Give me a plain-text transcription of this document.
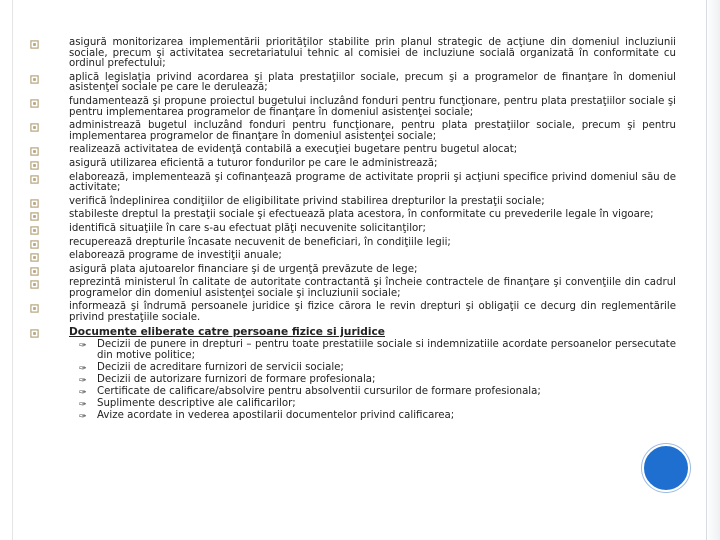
asigură monitorizarea implementării priorităţilor stabilite prin planul strategic de acţiune din domeniul incluziunii sociale, precum şi activitatea secretariatului tehnic al comisiei de incluziune socială organizată în conformitate cu ordinul prefectului;
aplică legislaţia privind acordarea şi plata prestaţiilor sociale, precum şi a programelor de finanţare în domeniul asistenţei sociale pe care le derulează;
fundamentează şi propune proiectul bugetului incluzând fonduri pentru funcţionare, pentru plata prestaţiilor sociale şi pentru implementarea programelor de finanţare în domeniul asistenţei sociale;
administrează bugetul incluzând fonduri pentru funcţionare, pentru plata prestaţiilor sociale, precum şi pentru implementarea programelor de finanţare în domeniul asistenţei sociale;
realizează activitatea de evidenţă contabilă a execuţiei bugetare pentru bugetul alocat;
asigură utilizarea eficientă a tuturor fondurilor pe care le administrează;
elaborează, implementează şi cofinanţează programe de activitate proprii şi acţiuni specifice privind domeniul său de activitate;
verifică îndeplinirea condiţiilor de eligibilitate privind stabilirea drepturilor la prestaţii sociale;
stabileste dreptul la prestaţii sociale şi efectuează plata acestora, în conformitate cu prevederile legale în vigoare;
identifică situaţiile în care s-au efectuat plăţi necuvenite solicitanţilor;
recuperează drepturile încasate necuvenit de beneficiari, în condiţiile legii;
elaborează programe de investiţii anuale;
asigură plata ajutoarelor financiare şi de urgenţă prevăzute de lege;
reprezintă ministerul în calitate de autoritate contractantă şi încheie contractele de finanţare şi convenţiile din cadrul programelor din domeniul asistenţei sociale şi incluziunii sociale;
informează şi îndrumă persoanele juridice şi fizice cărora le revin drepturi şi obligaţii ce decurg din reglementările privind prestaţiile sociale.
Documente eliberate catre persoane fizice si juridice
✑ Decizii de punere in drepturi – pentru toate prestatiile sociale si indemnizatiile acordate persoanelor persecutate din motive politice;
✑ Decizii de acreditare furnizori de servicii sociale;
✑ Decizii de autorizare furnizori de formare profesionala;
✑ Certificate de calificare/absolvire pentru absolventii cursurilor de formare profesionala;
✑ Suplimente descriptive ale calificarilor;
✑ Avize acordate in vederea apostilarii documentelor privind calificarea;
